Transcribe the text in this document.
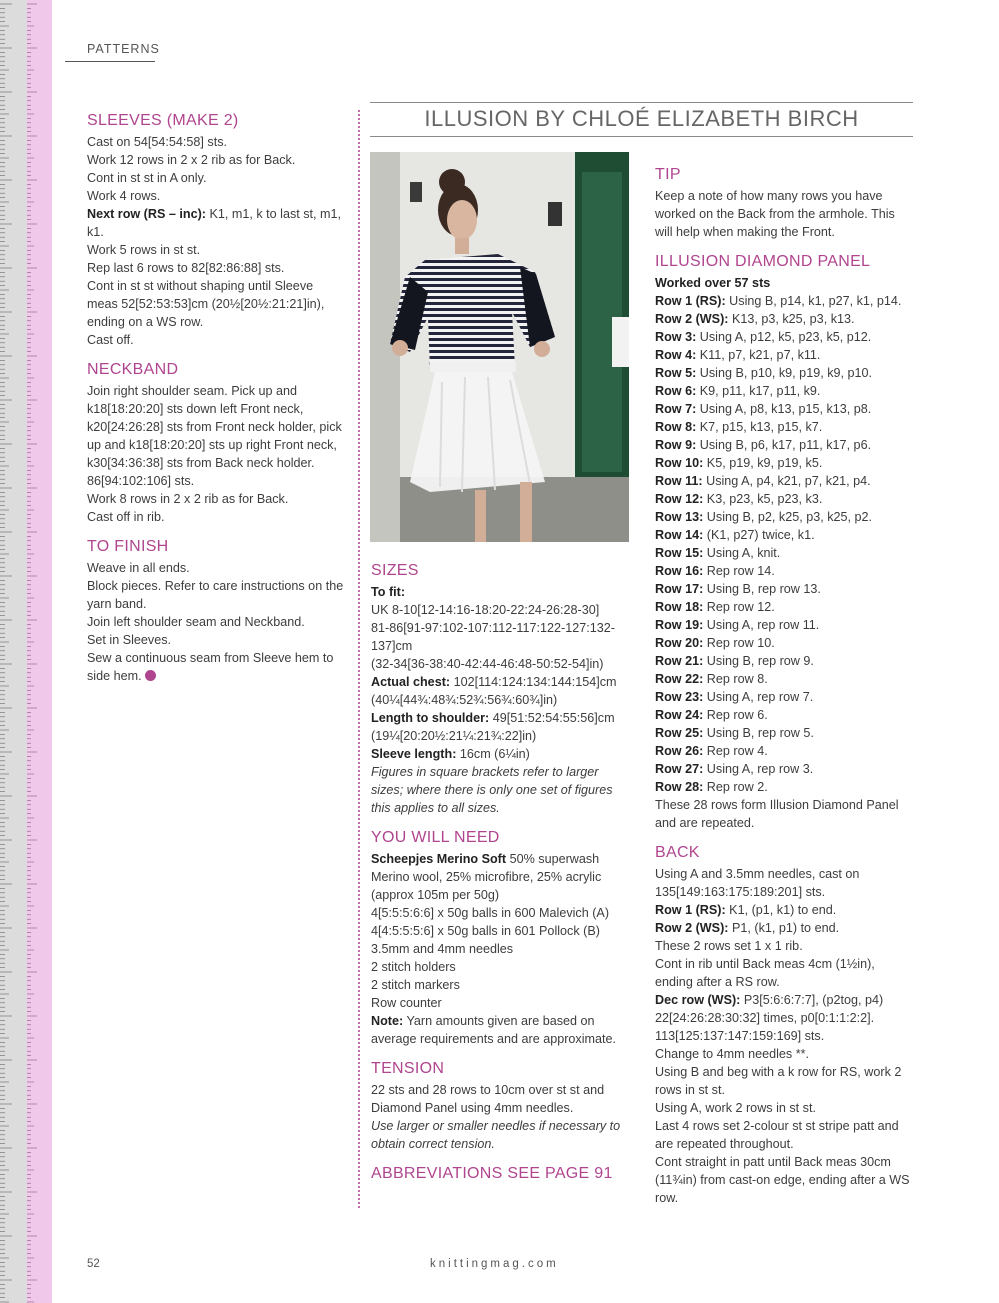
PATTERNS
SLEEVES (MAKE 2)

Cast on 54[54:54:58] sts.

Work 12 rows in 2 x 2 rib as for Back.

Cont in st st in A only.

Work 4 rows.

Next row (RS – inc): K1, m1, k to last st, m1, k1.

Work 5 rows in st st.

Rep last 6 rows to 82[82:86:88] sts.

Cont in st st without shaping until Sleeve meas 52[52:53:53]cm (20½[20½:21:21]in), ending on a WS row.

Cast off.

NECKBAND

Join right shoulder seam. Pick up and k18[18:20:20] sts down left Front neck, k20[24:26:28] sts from Front neck holder, pick up and k18[18:20:20] sts up right Front neck, k30[34:36:38] sts from Back neck holder. 86[94:102:106] sts.

Work 8 rows in 2 x 2 rib as for Back.

Cast off in rib.

TO FINISH

Weave in all ends.

Block pieces. Refer to care instructions on the yarn band.

Join left shoulder seam and Neckband.

Set in Sleeves.

Sew a continuous seam from Sleeve hem to side hem.

ILLUSION BY CHLOÉ ELIZABETH BIRCH
SIZES

To fit:

UK 8-10[12-14:16-18:20-22:24-26:28-30]

81-86[91-97:102-107:112-117:122-127:132-137]cm

(32-34[36-38:40-42:44-46:48-50:52-54]in)

Actual chest: 102[114:124:134:144:154]cm (40¼[44¾:48¾:52¾:56¾:60¾]in)

Length to shoulder: 49[51:52:54:55:56]cm (19¼[20:20½:21¼:21¾:22]in)

Sleeve length: 16cm (6¼in)

Figures in square brackets refer to larger sizes; where there is only one set of figures this applies to all sizes.

YOU WILL NEED

Scheepjes Merino Soft 50% superwash Merino wool, 25% microfibre, 25% acrylic (approx 105m per 50g)

4[5:5:5:6:6] x 50g balls in 600 Malevich (A)

4[4:5:5:5:6] x 50g balls in 601 Pollock (B)

3.5mm and 4mm needles

2 stitch holders

2 stitch markers

Row counter

Note: Yarn amounts given are based on average requirements and are approximate.

TENSION

22 sts and 28 rows to 10cm over st st and Diamond Panel using 4mm needles.

Use larger or smaller needles if necessary to obtain correct tension.

ABBREVIATIONS SEE PAGE 91
TIP

Keep a note of how many rows you have worked on the Back from the armhole. This will help when making the Front.

ILLUSION DIAMOND PANEL

Worked over 57 sts

Row 1 (RS): Using B, p14, k1, p27, k1, p14.

Row 2 (WS): K13, p3, k25, p3, k13.

Row 3: Using A, p12, k5, p23, k5, p12.

Row 4: K11, p7, k21, p7, k11.

Row 5: Using B, p10, k9, p19, k9, p10.

Row 6: K9, p11, k17, p11, k9.

Row 7: Using A, p8, k13, p15, k13, p8.

Row 8: K7, p15, k13, p15, k7.

Row 9: Using B, p6, k17, p11, k17, p6.

Row 10: K5, p19, k9, p19, k5.

Row 11: Using A, p4, k21, p7, k21, p4.

Row 12: K3, p23, k5, p23, k3.

Row 13: Using B, p2, k25, p3, k25, p2.

Row 14: (K1, p27) twice, k1.

Row 15: Using A, knit.

Row 16: Rep row 14.

Row 17: Using B, rep row 13.

Row 18: Rep row 12.

Row 19: Using A, rep row 11.

Row 20: Rep row 10.

Row 21: Using B, rep row 9.

Row 22: Rep row 8.

Row 23: Using A, rep row 7.

Row 24: Rep row 6.

Row 25: Using B, rep row 5.

Row 26: Rep row 4.

Row 27: Using A, rep row 3.

Row 28: Rep row 2.

These 28 rows form Illusion Diamond Panel and are repeated.

BACK

Using A and 3.5mm needles, cast on 135[149:163:175:189:201] sts.

Row 1 (RS): K1, (p1, k1) to end.

Row 2 (WS): P1, (k1, p1) to end.

These 2 rows set 1 x 1 rib.

Cont in rib until Back meas 4cm (1½in), ending after a RS row.

Dec row (WS): P3[5:6:6:7:7], (p2tog, p4) 22[24:26:28:30:32] times, p0[0:1:1:2:2]. 113[125:137:147:159:169] sts.

Change to 4mm needles **.

Using B and beg with a k row for RS, work 2 rows in st st.

Using A, work 2 rows in st st.

Last 4 rows set 2-colour st st stripe patt and are repeated throughout.

Cont straight in patt until Back meas 30cm (11¾in) from cast-on edge, ending after a WS row.

52	knittingmag.com
